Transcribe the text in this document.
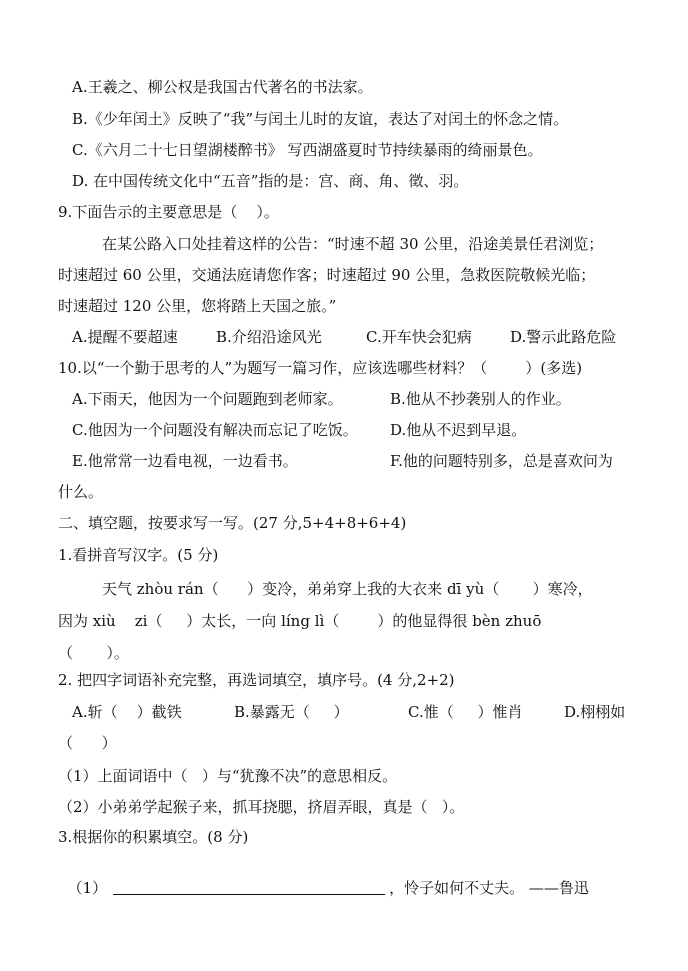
A.王羲之、柳公权是我国古代著名的书法家。
B.《少年闰土》反映了“我”与闰土儿时的友谊，表达了对闰土的怀念之情。
C.《六月二十七日望湖楼醉书》 写西湖盛夏时节持续暴雨的绮丽景色。
D. 在中国传统文化中“五音”指的是：宫、商、角、徵、羽。
9.下面告示的主要意思是（    ）。
在某公路入口处挂着这样的公告：“时速不超 30 公里，沿途美景任君浏览；
时速超过 60 公里，交通法庭请您作客；时速超过 90 公里，急救医院敬候光临；
时速超过 120 公里，您将踏上天国之旅。”
A.提醒不要超速	B.介绍沿途风光	C.开车快会犯病	D.警示此路危险
10.以“一个勤于思考的人”为题写一篇习作，应该选哪些材料？（        ）(多选)
A.下雨天，他因为一个问题跑到老师家。	B.他从不抄袭别人的作业。
C.他因为一个问题没有解决而忘记了吃饭。 D.他从不迟到早退。
E.他常常一边看电视，一边看书。	F.他的问题特别多，总是喜欢问为
什么。
二、填空题，按要求写一写。(27 分,5+4+8+6+4)
1.看拼音写汉字。(5 分)
天气 zhòu rán（      ）变冷，弟弟穿上我的大衣来 dī yù（       ）寒冷，
因为 xiù    zi（     ）太长，一向 líng lì（        ）的他显得很 bèn zhuō
（       ）。
2. 把四字词语补充完整，再选词填空，填序号。(4 分,2+2)
A.斩（    ）截铁	B.暴露无（     ）	C.惟（     ）惟肖	D.栩栩如
（      ）
（1）上面词语中（   ）与“犹豫不决”的意思相反。
（2）小弟弟学起猴子来，抓耳挠腮，挤眉弄眼，真是（   ）。
3.根据你的积累填空。(8 分)

（1）	，怜子如何不丈夫。 ——鲁迅
